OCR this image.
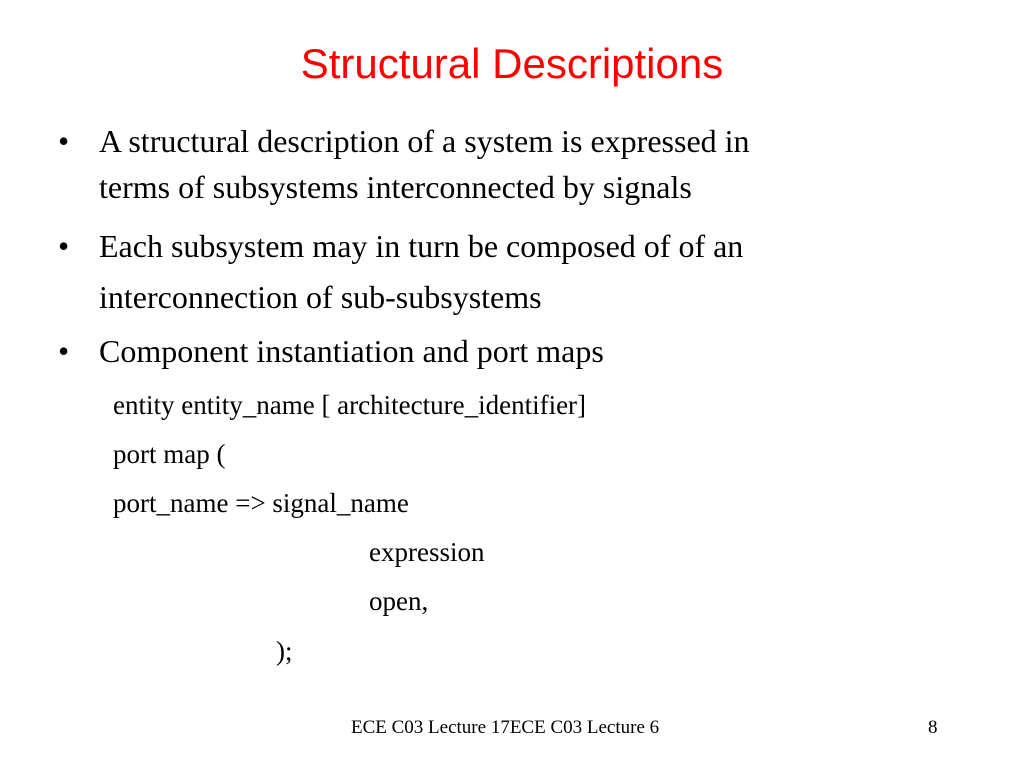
Structural Descriptions
• A structural description of a system is expressed in
terms of subsystems interconnected by signals
• Each subsystem may in turn be composed of of an
interconnection of sub-subsystems
• Component instantiation and port maps
entity entity_name [ architecture_identifier]
port map (
port_name => signal_name
expression
open,
);
ECE C03 Lecture 17ECE C03 Lecture 6	8
